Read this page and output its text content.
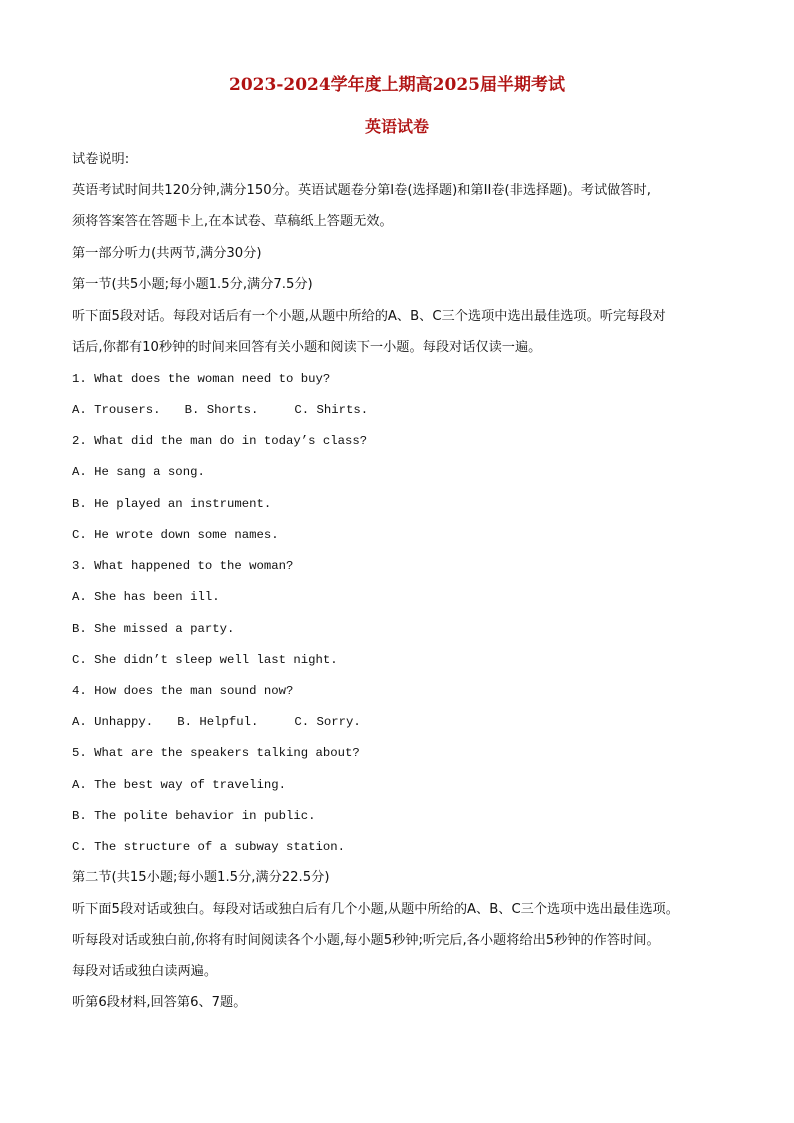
2023-2024学年度上期高2025届半期考试
英语试卷
试卷说明:
英语考试时间共120分钟,满分150分。英语试题卷分第I卷(选择题)和第II卷(非选择题)。考试做答时,
须将答案答在答题卡上,在本试卷、草稿纸上答题无效。
第一部分听力(共两节,满分30分)
第一节(共5小题;每小题1.5分,满分7.5分)
听下面5段对话。每段对话后有一个小题,从题中所给的A、B、C三个选项中选出最佳选项。听完每段对
话后,你都有10秒钟的时间来回答有关小题和阅读下一小题。每段对话仅读一遍。
1. What does the woman need to buy?
A. Trousers. B. Shorts.	C. Shirts.
2. What did the man do in today’s class?
A. He sang a song.
B. He played an instrument.
C. He wrote down some names.
3. What happened to the woman?
A. She has been ill.
B. She missed a party.
C. She didn’t sleep well last night.
4. How does the man sound now?
A. Unhappy. B. Helpful.	C. Sorry.
5. What are the speakers talking about?
A. The best way of traveling.
B. The polite behavior in public.
C. The structure of a subway station.
第二节(共15小题;每小题1.5分,满分22.5分)
听下面5段对话或独白。每段对话或独白后有几个小题,从题中所给的A、B、C三个选项中选出最佳选项。
听每段对话或独白前,你将有时间阅读各个小题,每小题5秒钟;听完后,各小题将给出5秒钟的作答时间。
每段对话或独白读两遍。
听第6段材料,回答第6、7题。
